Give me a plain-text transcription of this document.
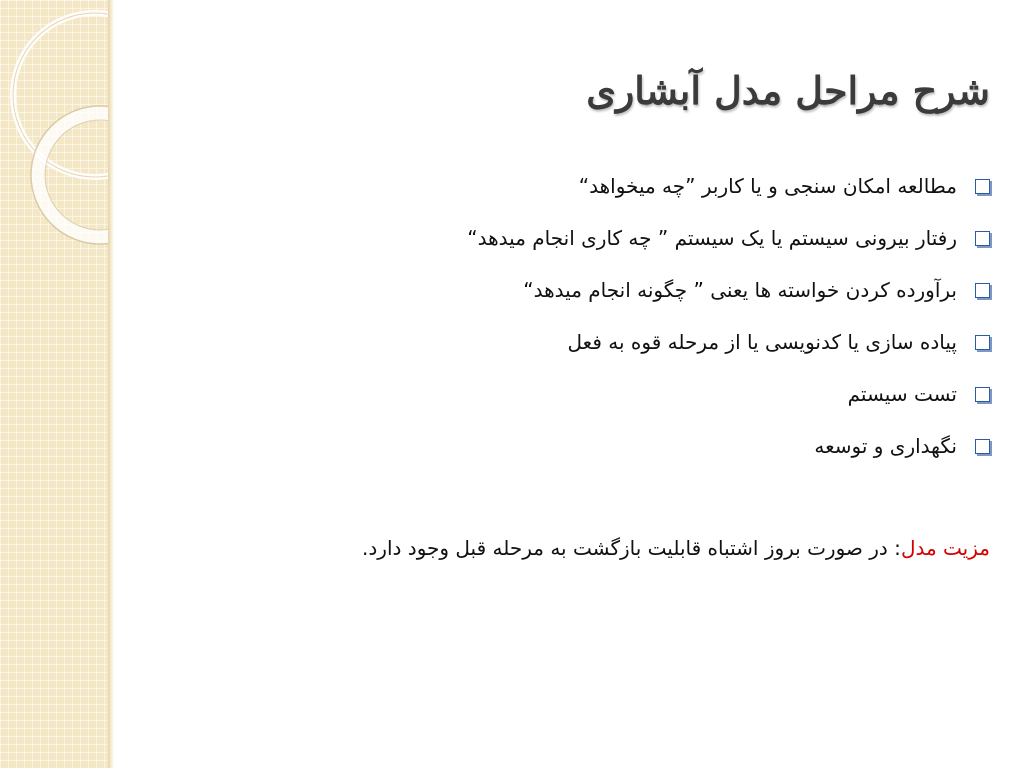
شرح مراحل مدل آبشاری
مطالعه امکان سنجی و یا کاربر ”چه میخواهد“
رفتار بیرونی سیستم یا یک سیستم ” چه کاری انجام میدهد“
برآورده کردن خواسته ها یعنی ” چگونه انجام میدهد“
پیاده سازی یا کدنویسی یا از مرحله قوه به فعل
تست سیستم
نگهداری و توسعه

مزیت مدل: در صورت بروز اشتباه قابلیت بازگشت به مرحله قبل وجود دارد.
